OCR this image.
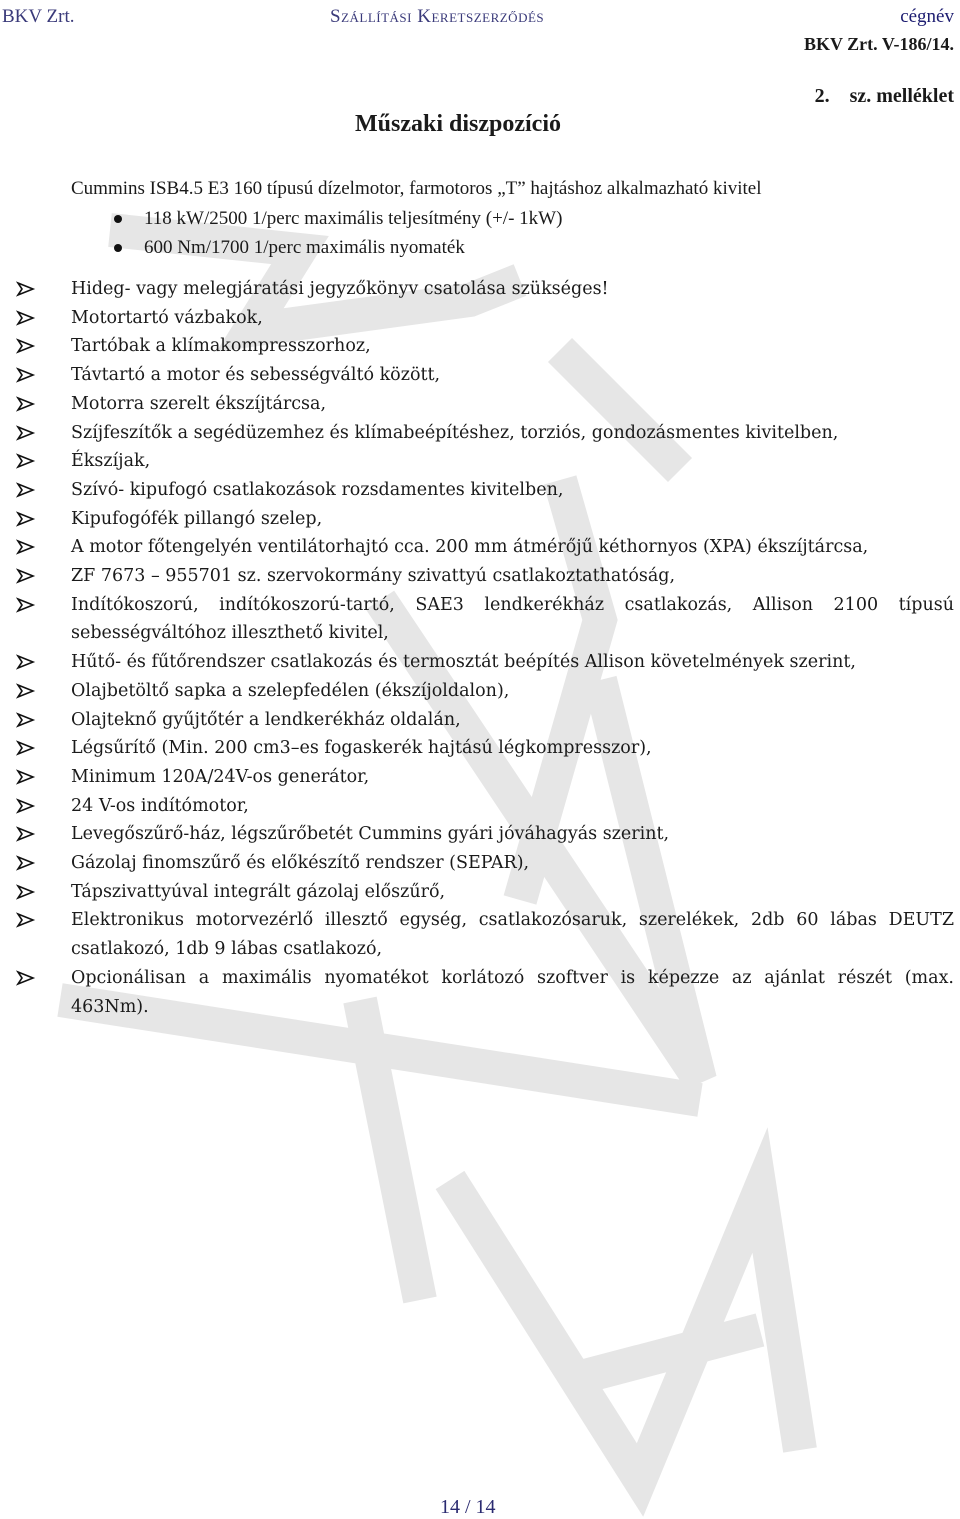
BKV Zrt.	Szállítási Keretszerződés	cégnév
BKV Zrt. V-186/14.
2.    sz. melléklet
Műszaki diszpozíció
Cummins ISB4.5 E3 160 típusú dízelmotor, farmotoros „T” hajtáshoz alkalmazható kivitel
118 kW/2500 1/perc maximális teljesítmény (+/- 1kW)
600 Nm/1700 1/perc maximális nyomaték
Hideg- vagy melegjáratási jegyzőkönyv csatolása szükséges!
Motortartó vázbakok,
Tartóbak a klímakompresszorhoz,
Távtartó a motor és sebességváltó között,
Motorra szerelt ékszíjtárcsa,
Szíjfeszítők a segédüzemhez és klímabeépítéshez, torziós, gondozásmentes kivitelben,
Ékszíjak,
Szívó- kipufogó csatlakozások rozsdamentes kivitelben,
Kipufogófék pillangó szelep,
A motor főtengelyén ventilátorhajtó cca. 200 mm átmérőjű kéthornyos (XPA) ékszíjtárcsa,
ZF 7673 – 955701 sz. szervokormány szivattyú csatlakoztathatóság,
Indítókoszorú, indítókoszorú-tartó, SAE3 lendkerékház csatlakozás, Allison 2100 típusú sebességváltóhoz illeszthető kivitel,
Hűtő- és fűtőrendszer csatlakozás és termosztát beépítés Allison követelmények szerint,
Olajbetöltő sapka a szelepfedélen (ékszíjoldalon),
Olajteknő gyűjtőtér a lendkerékház oldalán,
Légsűrítő (Min. 200 cm3–es fogaskerék hajtású légkompresszor),
Minimum 120A/24V-os generátor,
24 V-os indítómotor,
Levegőszűrő-ház, légszűrőbetét Cummins gyári jóváhagyás szerint,
Gázolaj finomszűrő és előkészítő rendszer (SEPAR),
Tápszivattyúval integrált gázolaj előszűrő,
Elektronikus motorvezérlő illesztő egység, csatlakozósaruk, szerelékek, 2db 60 lábas DEUTZ csatlakozó, 1db 9 lábas csatlakozó,
Opcionálisan a maximális nyomatékot korlátozó szoftver is képezze az ajánlat részét (max. 463Nm).
14 / 14
